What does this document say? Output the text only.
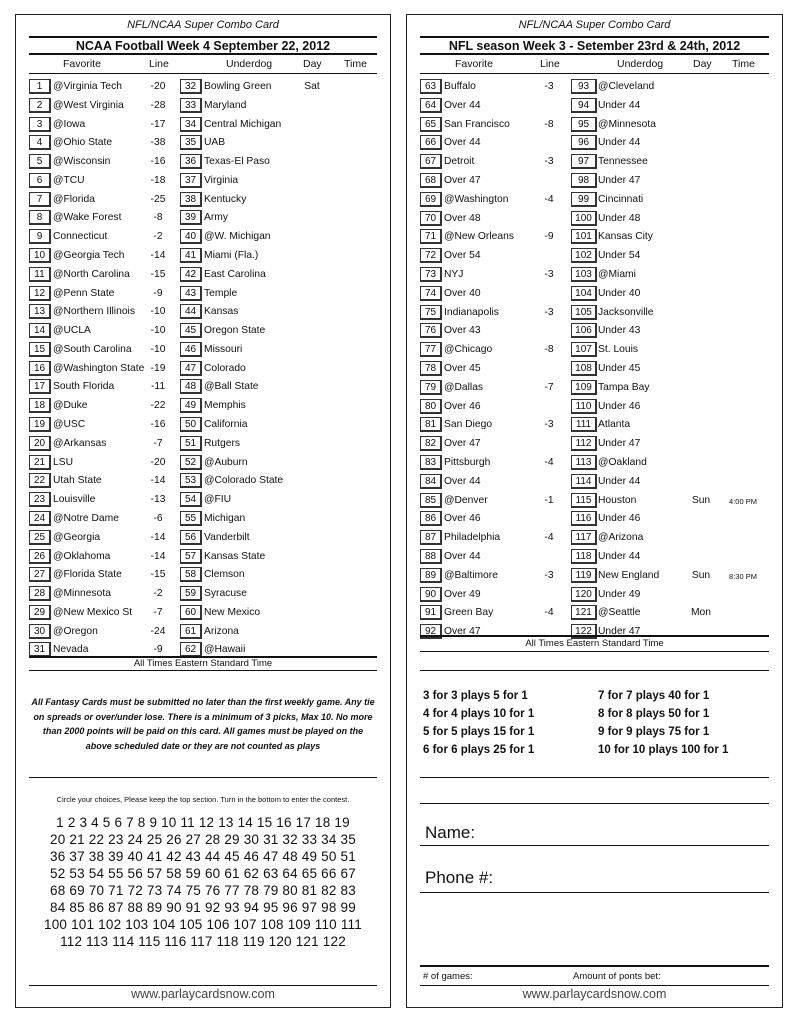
NFL/NCAA Super Combo Card
NCAA Football Week 4 September 22, 2012
Favorite	Line	Underdog	Day Time
1	@Virginia Tech	-20	32 Bowling Green	Sat
2	@West Virginia	-28	33 Maryland
3	@Iowa	-17	34 Central Michigan
4	@Ohio State	-38	35 UAB
5	@Wisconsin	-16	36 Texas-El Paso
6	@TCU	-18	37 Virginia
7	@Florida	-25	38 Kentucky
8	@Wake Forest	-8	39 Army
9	Connecticut	-2	40 @W. Michigan
10 @Georgia Tech	-14	41 Miami (Fla.)
11 @North Carolina	-15	42 East Carolina
12 @Penn State	-9	43 Temple
13 @Northern Illinois	-10	44 Kansas
14 @UCLA	-10	45 Oregon State
15 @South Carolina	-10	46 Missouri
16 @Washington State -19	47 Colorado
17 South Florida	-11	48 @Ball State
18 @Duke	-22	49 Memphis
19 @USC	-16	50 California
20 @Arkansas	-7	51 Rutgers
21 LSU	-20	52 @Auburn
22 Utah State	-14	53 @Colorado State
23 Louisville	-13	54 @FIU
24 @Notre Dame	-6	55 Michigan
25 @Georgia	-14	56 Vanderbilt
26 @Oklahoma	-14	57 Kansas State
27 @Florida State	-15	58 Clemson
28 @Minnesota	-2	59 Syracuse
29 @New Mexico St	-7	60 New Mexico
30 @Oregon	-24	61 Arizona
31 Nevada	-9	62 @Hawaii
All Times Eastern Standard Time
All Fantasy Cards must be submitted no later than the first weekly game. Any tie on spreads or over/under lose. There is a minimum of 3 picks, Max 10. No more than 2000 points will be paid on this card. All games must be played on the above scheduled date or they are not counted as plays
Circle your choices, Please keep the top section. Turn in the bottom to enter the contest.
1 2 3 4 5 6 7 8 9 10 11 12 13 14 15 16 17 18 19
20 21 22 23 24 25 26 27 28 29 30 31 32 33 34 35
36 37 38 39 40 41 42 43 44 45 46 47 48 49 50 51
52 53 54 55 56 57 58 59 60 61 62 63 64 65 66 67
68 69 70 71 72 73 74 75 76 77 78 79 80 81 82 83
84 85 86 87 88 89 90 91 92 93 94 95 96 97 98 99
100 101 102 103 104 105 106 107 108 109 110 111
112 113 114 115 116 117 118 119 120 121 122
www.parlaycardsnow.com
NFL/NCAA Super Combo Card
NFL season Week 3 - Setember 23rd & 24th, 2012
Favorite	Line	Underdog	Day Time
63 Buffalo	-3	93 @Cleveland
64 Over 44	94 Under 44
65 San Francisco	-8	95 @Minnesota
66 Over 44	96 Under 44
67 Detroit	-3	97 Tennessee
68 Over 47	98 Under 47
69 @Washington	-4	99 Cincinnati
70 Over 48	100 Under 48
71 @New Orleans	-9	101 Kansas City
72 Over 54	102 Under 54
73 NYJ	-3	103 @Miami
74 Over 40	104 Under 40
75 Indianapolis	-3	105 Jacksonville
76 Over 43	106 Under 43
77 @Chicago	-8	107 St. Louis
78 Over 45	108 Under 45
79 @Dallas	-7	109 Tampa Bay
80 Over 46	110 Under 46
81 San Diego	-3	111 Atlanta
82 Over 47	112 Under 47
83 Pittsburgh	-4	113 @Oakland
84 Over 44	114 Under 44
85 @Denver	-1	115 Houston	Sun	4:00 PM
86 Over 46	116 Under 46
87 Philadelphia	-4	117 @Arizona
88 Over 44	118 Under 44
89 @Baltimore	-3	119 New England	Sun	8:30 PM
90 Over 49	120 Under 49
91 Green Bay	-4	121 @Seattle	Mon
92 Over 47	122 Under 47
All Times Eastern Standard Time
3 for 3 plays 5 for 1
4 for 4 plays 10 for 1
5 for 5 plays 15 for 1
6 for 6 plays 25 for 1
7 for 7 plays 40 for 1
8 for 8 plays 50 for 1
9 for 9 plays 75 for 1
10 for 10 plays 100 for 1
Name:
Phone #:
# of games:	Amount of ponts bet:
www.parlaycardsnow.com
